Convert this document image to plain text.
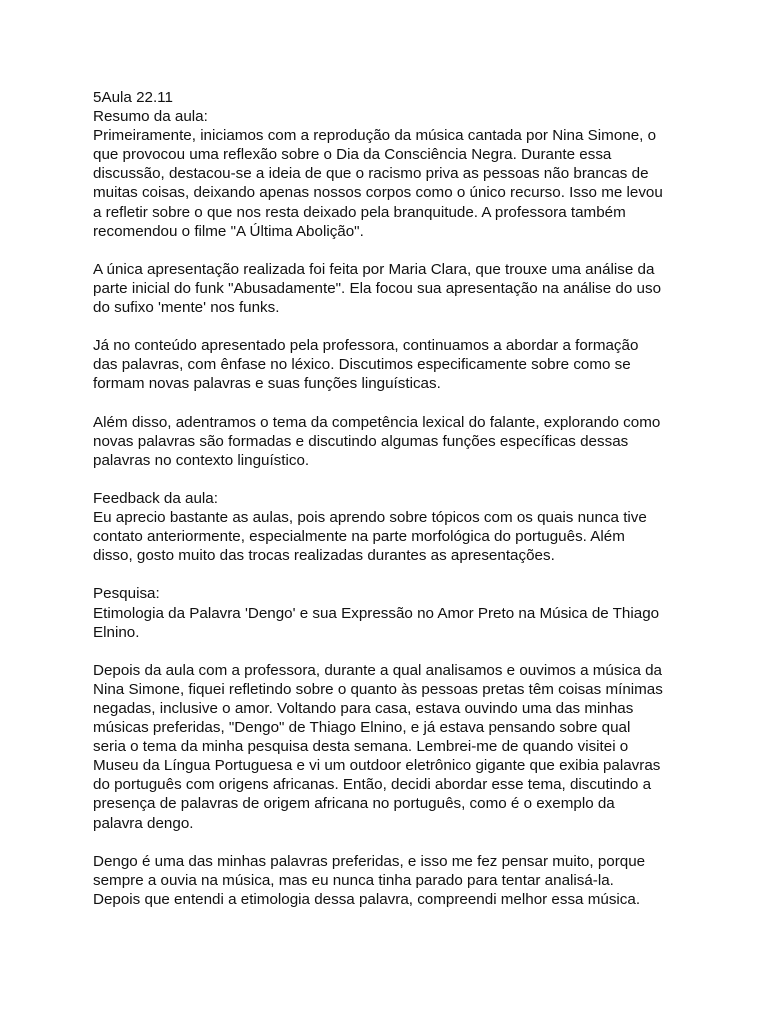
5Aula 22.11
Resumo da aula:
Primeiramente, iniciamos com a reprodução da música cantada por Nina Simone, o
que provocou uma reflexão sobre o Dia da Consciência Negra. Durante essa
discussão, destacou-se a ideia de que o racismo priva as pessoas não brancas de
muitas coisas, deixando apenas nossos corpos como o único recurso. Isso me levou
a refletir sobre o que nos resta deixado pela branquitude. A professora também
recomendou o filme "A Última Abolição".
A única apresentação realizada foi feita por Maria Clara, que trouxe uma análise da
parte inicial do funk "Abusadamente". Ela focou sua apresentação na análise do uso
do sufixo 'mente' nos funks.
Já no conteúdo apresentado pela professora, continuamos a abordar a formação
das palavras, com ênfase no léxico. Discutimos especificamente sobre como se
formam novas palavras e suas funções linguísticas.
Além disso, adentramos o tema da competência lexical do falante, explorando como
novas palavras são formadas e discutindo algumas funções específicas dessas
palavras no contexto linguístico.
Feedback da aula:
Eu aprecio bastante as aulas, pois aprendo sobre tópicos com os quais nunca tive
contato anteriormente, especialmente na parte morfológica do português. Além
disso, gosto muito das trocas realizadas durantes as apresentações.
Pesquisa:
Etimologia da Palavra 'Dengo' e sua Expressão no Amor Preto na Música de Thiago
Elnino.
Depois da aula com a professora, durante a qual analisamos e ouvimos a música da
Nina Simone, fiquei refletindo sobre o quanto às pessoas pretas têm coisas mínimas
negadas, inclusive o amor. Voltando para casa, estava ouvindo uma das minhas
músicas preferidas, "Dengo" de Thiago Elnino, e já estava pensando sobre qual
seria o tema da minha pesquisa desta semana. Lembrei-me de quando visitei o
Museu da Língua Portuguesa e vi um outdoor eletrônico gigante que exibia palavras
do português com origens africanas. Então, decidi abordar esse tema, discutindo a
presença de palavras de origem africana no português, como é o exemplo da
palavra dengo.
Dengo é uma das minhas palavras preferidas, e isso me fez pensar muito, porque
sempre a ouvia na música, mas eu nunca tinha parado para tentar analisá-la.
Depois que entendi a etimologia dessa palavra, compreendi melhor essa música.
